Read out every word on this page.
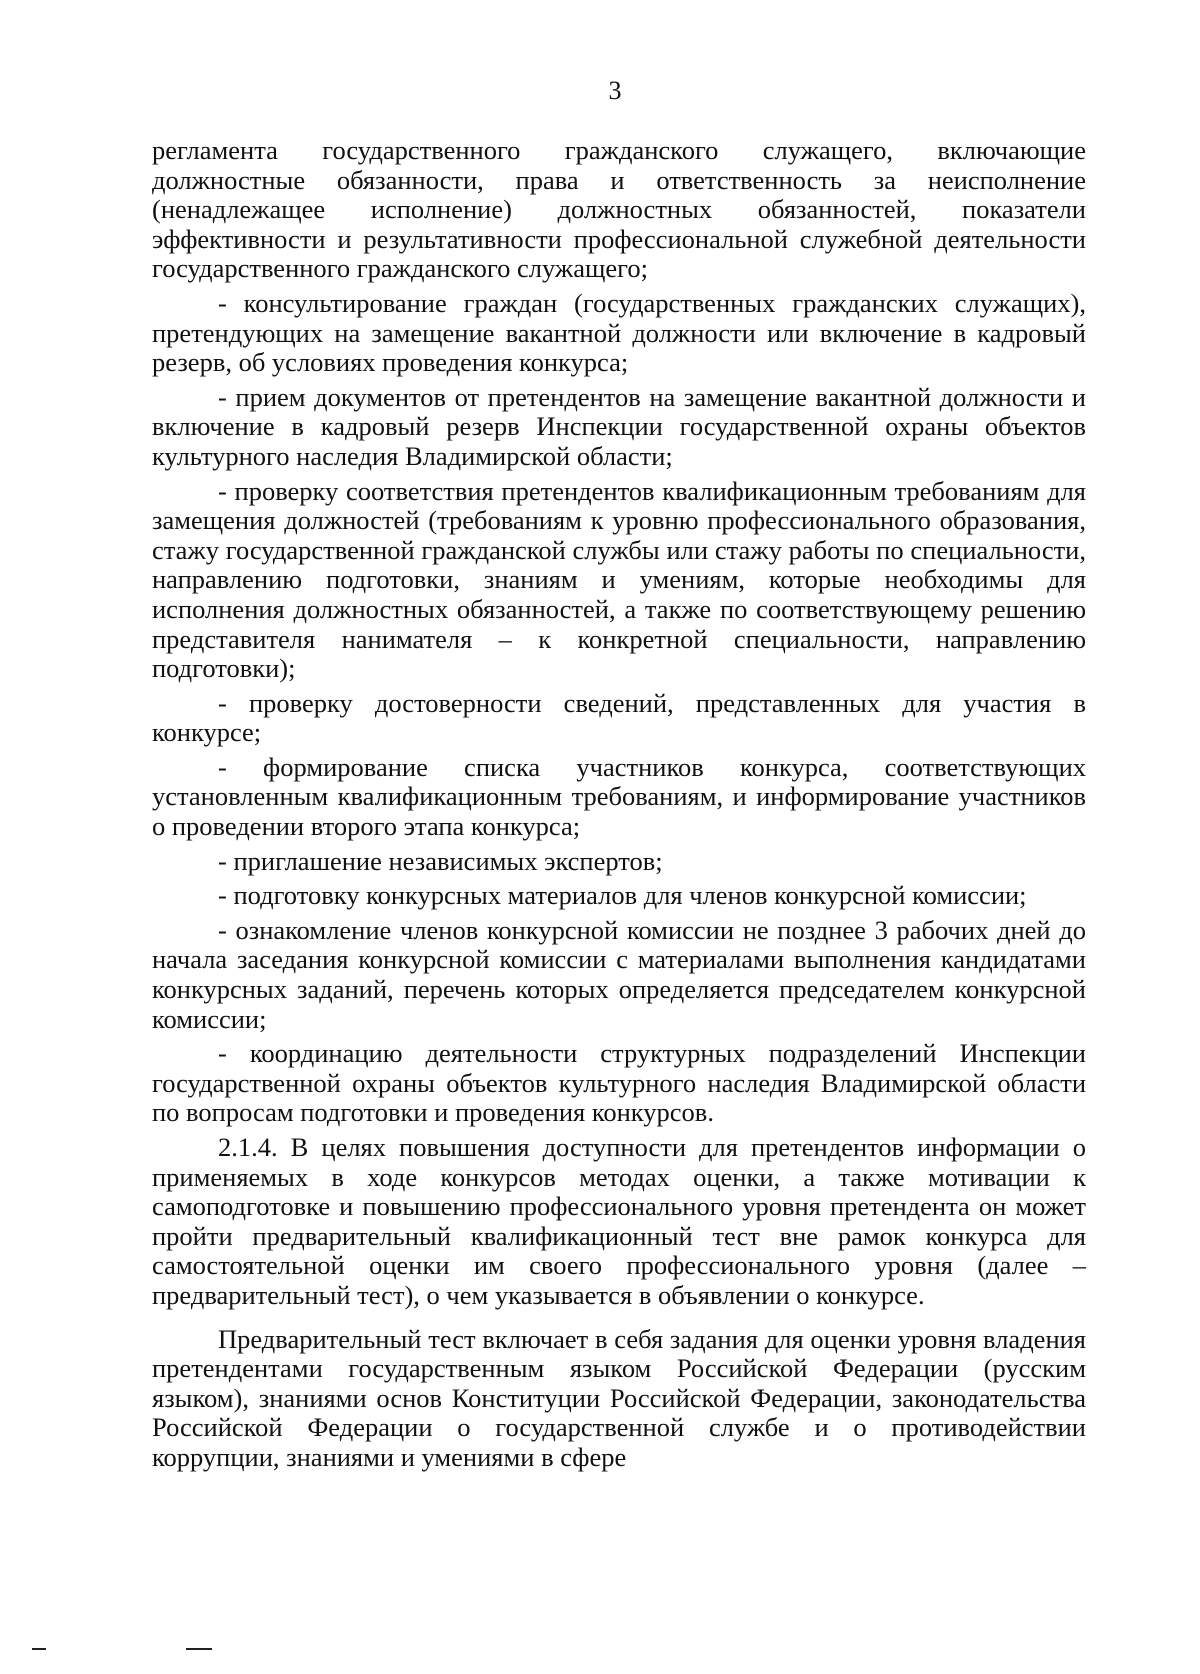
3

регламента государственного гражданского служащего, включающие должностные обязанности, права и ответственность за неисполнение (ненадлежащее исполнение) должностных обязанностей, показатели эффективности и результативности профессиональной служебной деятельности государственного гражданского служащего;

- консультирование граждан (государственных гражданских служащих), претендующих на замещение вакантной должности или включение в кадровый резерв, об условиях проведения конкурса;

- прием документов от претендентов на замещение вакантной должности и включение в кадровый резерв Инспекции государственной охраны объектов культурного наследия Владимирской области;

- проверку соответствия претендентов квалификационным требованиям для замещения должностей (требованиям к уровню профессионального образования, стажу государственной гражданской службы или стажу работы по специальности, направлению подготовки, знаниям и умениям, которые необходимы для исполнения должностных обязанностей, а также по соответствующему решению представителя нанимателя – к конкретной специальности, направлению подготовки);

- проверку достоверности сведений, представленных для участия в конкурсе;

- формирование списка участников конкурса, соответствующих установленным квалификационным требованиям, и информирование участников о проведении второго этапа конкурса;

- приглашение независимых экспертов;

- подготовку конкурсных материалов для членов конкурсной комиссии;

- ознакомление членов конкурсной комиссии не позднее 3 рабочих дней до начала заседания конкурсной комиссии с материалами выполнения кандидатами конкурсных заданий, перечень которых определяется председателем конкурсной комиссии;

- координацию деятельности структурных подразделений Инспекции государственной охраны объектов культурного наследия Владимирской области по вопросам подготовки и проведения конкурсов.

2.1.4. В целях повышения доступности для претендентов информации о применяемых в ходе конкурсов методах оценки, а также мотивации к самоподготовке и повышению профессионального уровня претендента он может пройти предварительный квалификационный тест вне рамок конкурса для самостоятельной оценки им своего профессионального уровня (далее – предварительный тест), о чем указывается в объявлении о конкурсе.

Предварительный тест включает в себя задания для оценки уровня владения претендентами государственным языком Российской Федерации (русским языком), знаниями основ Конституции Российской Федерации, законодательства Российской Федерации о государственной службе и о противодействии коррупции, знаниями и умениями в сфере
